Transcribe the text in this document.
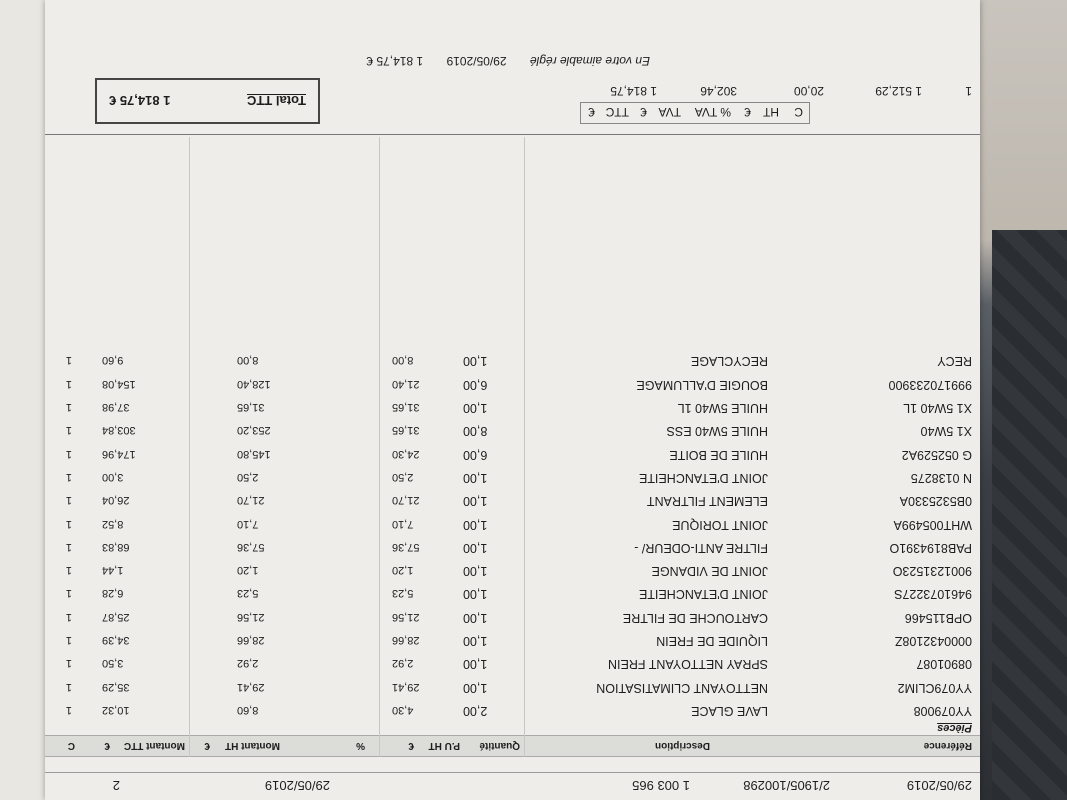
29/05/2019
2/1905/100298
1 003 965
29/05/2019
2
Référence
Description
Quantité
P.U HT
€
%
Montant HT
€
Montant TTC
€
C
Pièces
YY079008
LAVE GLACE
2,00
4,30
8,60
10,32
1
YY079CLIM2
NETTOYANT CLIMATISATION
1,00
29,41
29,41
35,29
1
08901087
SPRAY NETTOYANT FREIN
1,00
2,92
2,92
3,50
1
0000432108Z
LIQUIDE DE FREIN
1,00
28,66
28,66
34,39
1
OPB115466
CARTOUCHE DE FILTRE
1,00
21,56
21,56
25,87
1
9461073227S
JOINT D'ETANCHEITE
1,00
5,23
5,23
6,28
1
9001231523O
JOINT DE VIDANGE
1,00
1,20
1,20
1,44
1
PAB8194391O
FILTRE ANTI-ODEUR/ -
1,00
57,36
57,36
68,83
1
WHT005499A
JOINT TORIQUE
1,00
7,10
7,10
8,52
1
0B5325330A
ELEMENT FILTRANT
1,00
21,70
21,70
26,04
1
N 0138275
JOINT D'ETANCHEITE
1,00
2,50
2,50
3,00
1
G 052529A2
HUILE DE BOITE
6,00
24,30
145,80
174,96
1
X1 5W40
HUILE 5W40 ESS
8,00
31,65
253,20
303,84
1
X1 5W40 1L
HUILE 5W40 1L
1,00
31,65
31,65
37,98
1
999170233900
BOUGIE D'ALLUMAGE
6,00
21,40
128,40
154,08
1
RECY
RECYCLAGE
1,00
8,00
8,00
9,60
1
C
HT
€
% TVA
TVA
€
TTC
€
1
1 512,29
20,00
302,46
1 814,75
Total TTC
1 814,75 €
En votre aimable réglé 29/05/2019 1 814,75 €
